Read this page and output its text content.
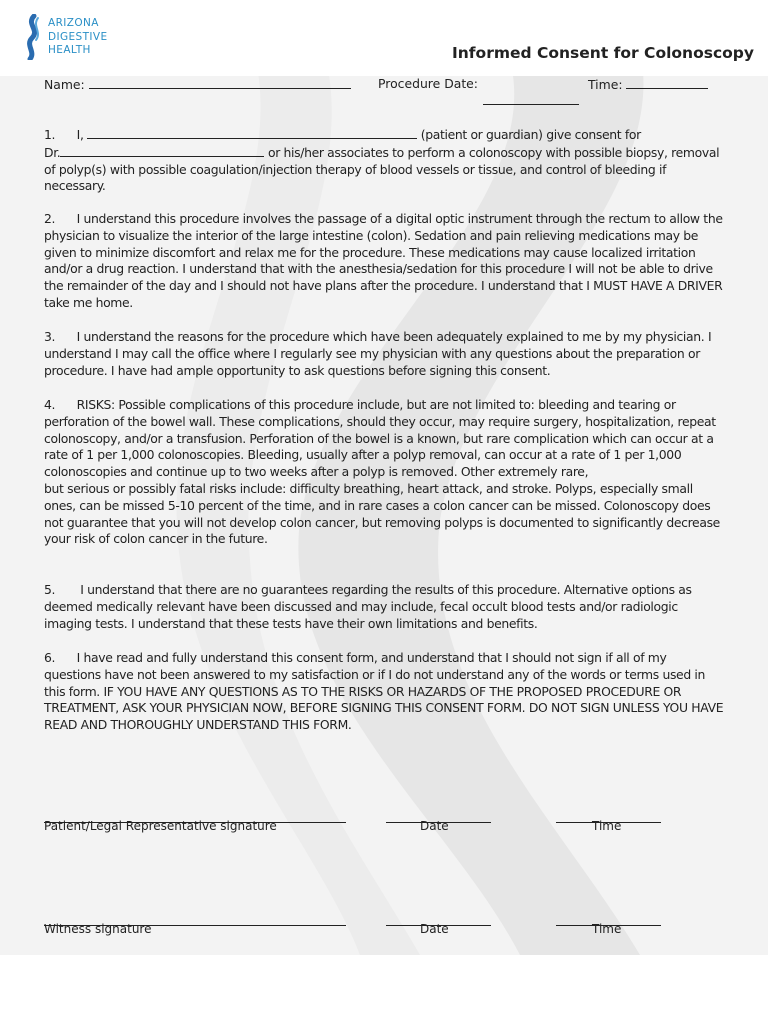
ARIZONA
DIGESTIVE
HEALTH	Informed Consent for Colonoscopy
Name:	Procedure Date:	Time:

1.      I,	(patient or guardian) give consent for
Dr.	or his/her associates to perform a colonoscopy with possible biopsy, removal of polyp(s) with possible coagulation/injection therapy of blood vessels or tissue, and control of bleeding if necessary.

2.      I understand this procedure involves the passage of a digital optic instrument through the rectum to allow the physician to visualize the interior of the large intestine (colon). Sedation and pain relieving medications may be given to minimize discomfort and relax me for the procedure. These medications may cause localized irritation and/or a drug reaction. I understand that with the anesthesia/sedation for this procedure I will not be able to drive the remainder of the day and I should not have plans after the procedure. I understand that I MUST HAVE A DRIVER take me home.
3.      I understand the reasons for the procedure which have been adequately explained to me by my physician. I understand I may call the office where I regularly see my physician with any questions about the preparation or procedure. I have had ample opportunity to ask questions before signing this consent.

4.      RISKS: Possible complications of this procedure include, but are not limited to: bleeding and tearing or perforation of the bowel wall. These complications, should they occur, may require surgery, hospitalization, repeat colonoscopy, and/or a transfusion. Perforation of the bowel is a known, but rare complication which can occur at a rate of 1 per 1,000 colonoscopies. Bleeding, usually after a polyp removal, can occur at a rate of 1 per 1,000 colonoscopies and continue up to two weeks after a polyp is removed. Other extremely rare,

but serious or possibly fatal risks include: difficulty breathing, heart attack, and stroke. Polyps, especially small ones, can be missed 5-10 percent of the time, and in rare cases a colon cancer can be missed. Colonoscopy does not guarantee that you will not develop colon cancer, but removing polyps is documented to significantly decrease your risk of colon cancer in the future.

5.       I understand that there are no guarantees regarding the results of this procedure. Alternative options as deemed medically relevant have been discussed and may include, fecal occult blood tests and/or radiologic imaging tests. I understand that these tests have their own limitations and benefits.
6.      I have read and fully understand this consent form, and understand that I should not sign if all of my questions have not been answered to my satisfaction or if I do not understand any of the words or terms used in this form. IF YOU HAVE ANY QUESTIONS AS TO THE RISKS OR HAZARDS OF THE PROPOSED PROCEDURE OR TREATMENT, ASK YOUR PHYSICIAN NOW, BEFORE SIGNING THIS CONSENT FORM. DO NOT SIGN UNLESS YOU HAVE READ AND THOROUGHLY UNDERSTAND THIS FORM.
Patient/Legal Representative signature	Date	Time
Witness signature	Date	Time
